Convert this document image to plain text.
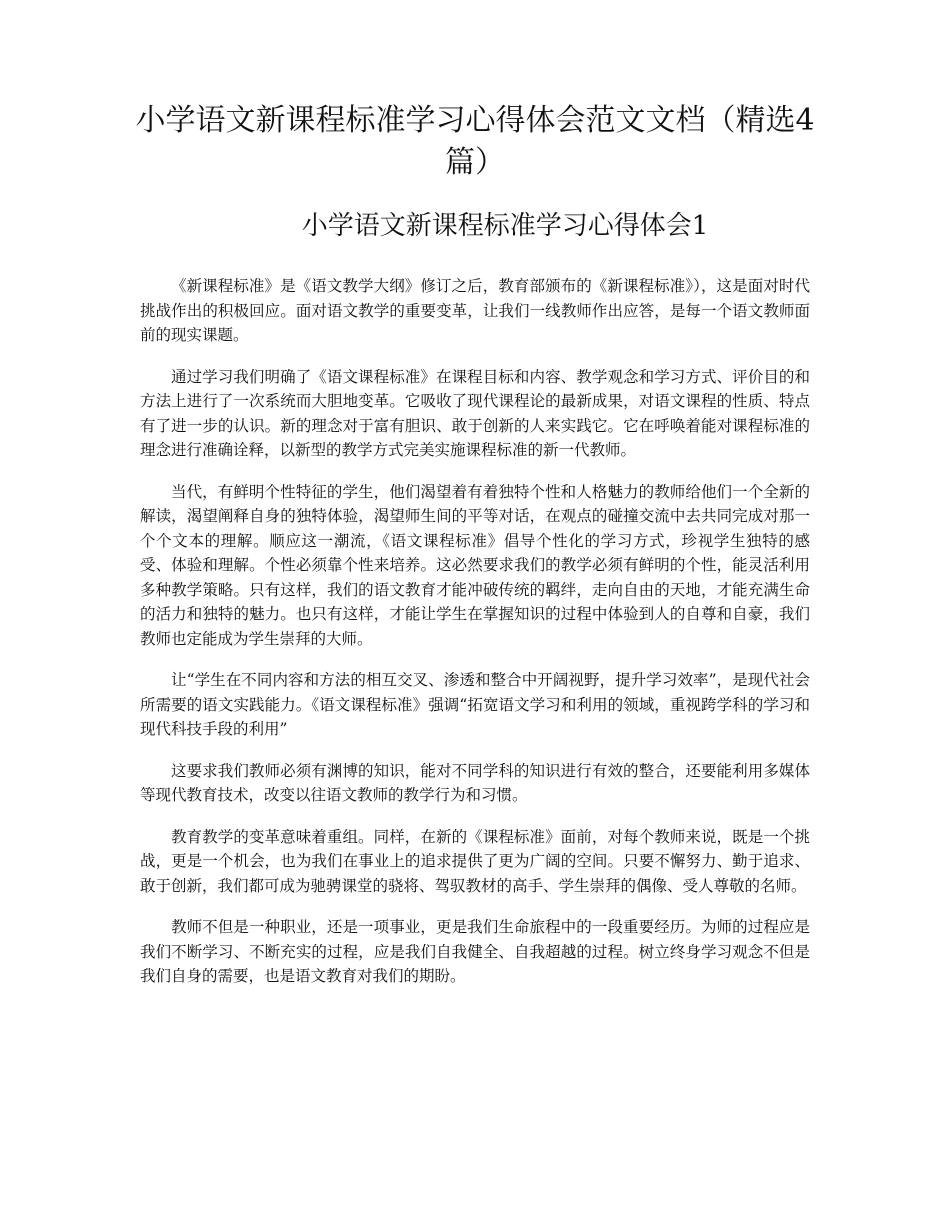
小学语文新课程标准学习心得体会范文文档（精选4篇）
小学语文新课程标准学习心得体会1

《新课程标准》是《语文教学大纲》修订之后，教育部颁布的《新课程标准》），这是面对时代挑战作出的积极回应。面对语文教学的重要变革，让我们一线教师作出应答，是每一个语文教师面前的现实课题。

通过学习我们明确了《语文课程标准》在课程目标和内容、教学观念和学习方式、评价目的和方法上进行了一次系统而大胆地变革。它吸收了现代课程论的最新成果，对语文课程的性质、特点有了进一步的认识。新的理念对于富有胆识、敢于创新的人来实践它。它在呼唤着能对课程标准的理念进行准确诠释，以新型的教学方式完美实施课程标准的新一代教师。

当代，有鲜明个性特征的学生，他们渴望着有着独特个性和人格魅力的教师给他们一个全新的解读，渴望阐释自身的独特体验，渴望师生间的平等对话，在观点的碰撞交流中去共同完成对那一个个文本的理解。顺应这一潮流，《语文课程标准》倡导个性化的学习方式，珍视学生独特的感受、体验和理解。个性必须靠个性来培养。这必然要求我们的教学必须有鲜明的个性，能灵活利用多种教学策略。只有这样，我们的语文教育才能冲破传统的羁绊，走向自由的天地，才能充满生命的活力和独特的魅力。也只有这样，才能让学生在掌握知识的过程中体验到人的自尊和自豪，我们教师也定能成为学生崇拜的大师。

让“学生在不同内容和方法的相互交叉、渗透和整合中开阔视野，提升学习效率”，是现代社会所需要的语文实践能力。《语文课程标准》强调“拓宽语文学习和利用的领域，重视跨学科的学习和现代科技手段的利用”

这要求我们教师必须有渊博的知识，能对不同学科的知识进行有效的整合，还要能利用多媒体等现代教育技术，改变以往语文教师的教学行为和习惯。

教育教学的变革意味着重组。同样，在新的《课程标准》面前，对每个教师来说，既是一个挑战，更是一个机会，也为我们在事业上的追求提供了更为广阔的空间。只要不懈努力、勤于追求、敢于创新，我们都可成为驰骋课堂的骁将、驾驭教材的高手、学生崇拜的偶像、受人尊敬的名师。

教师不但是一种职业，还是一项事业，更是我们生命旅程中的一段重要经历。为师的过程应是我们不断学习、不断充实的过程，应是我们自我健全、自我超越的过程。树立终身学习观念不但是我们自身的需要，也是语文教育对我们的期盼。
